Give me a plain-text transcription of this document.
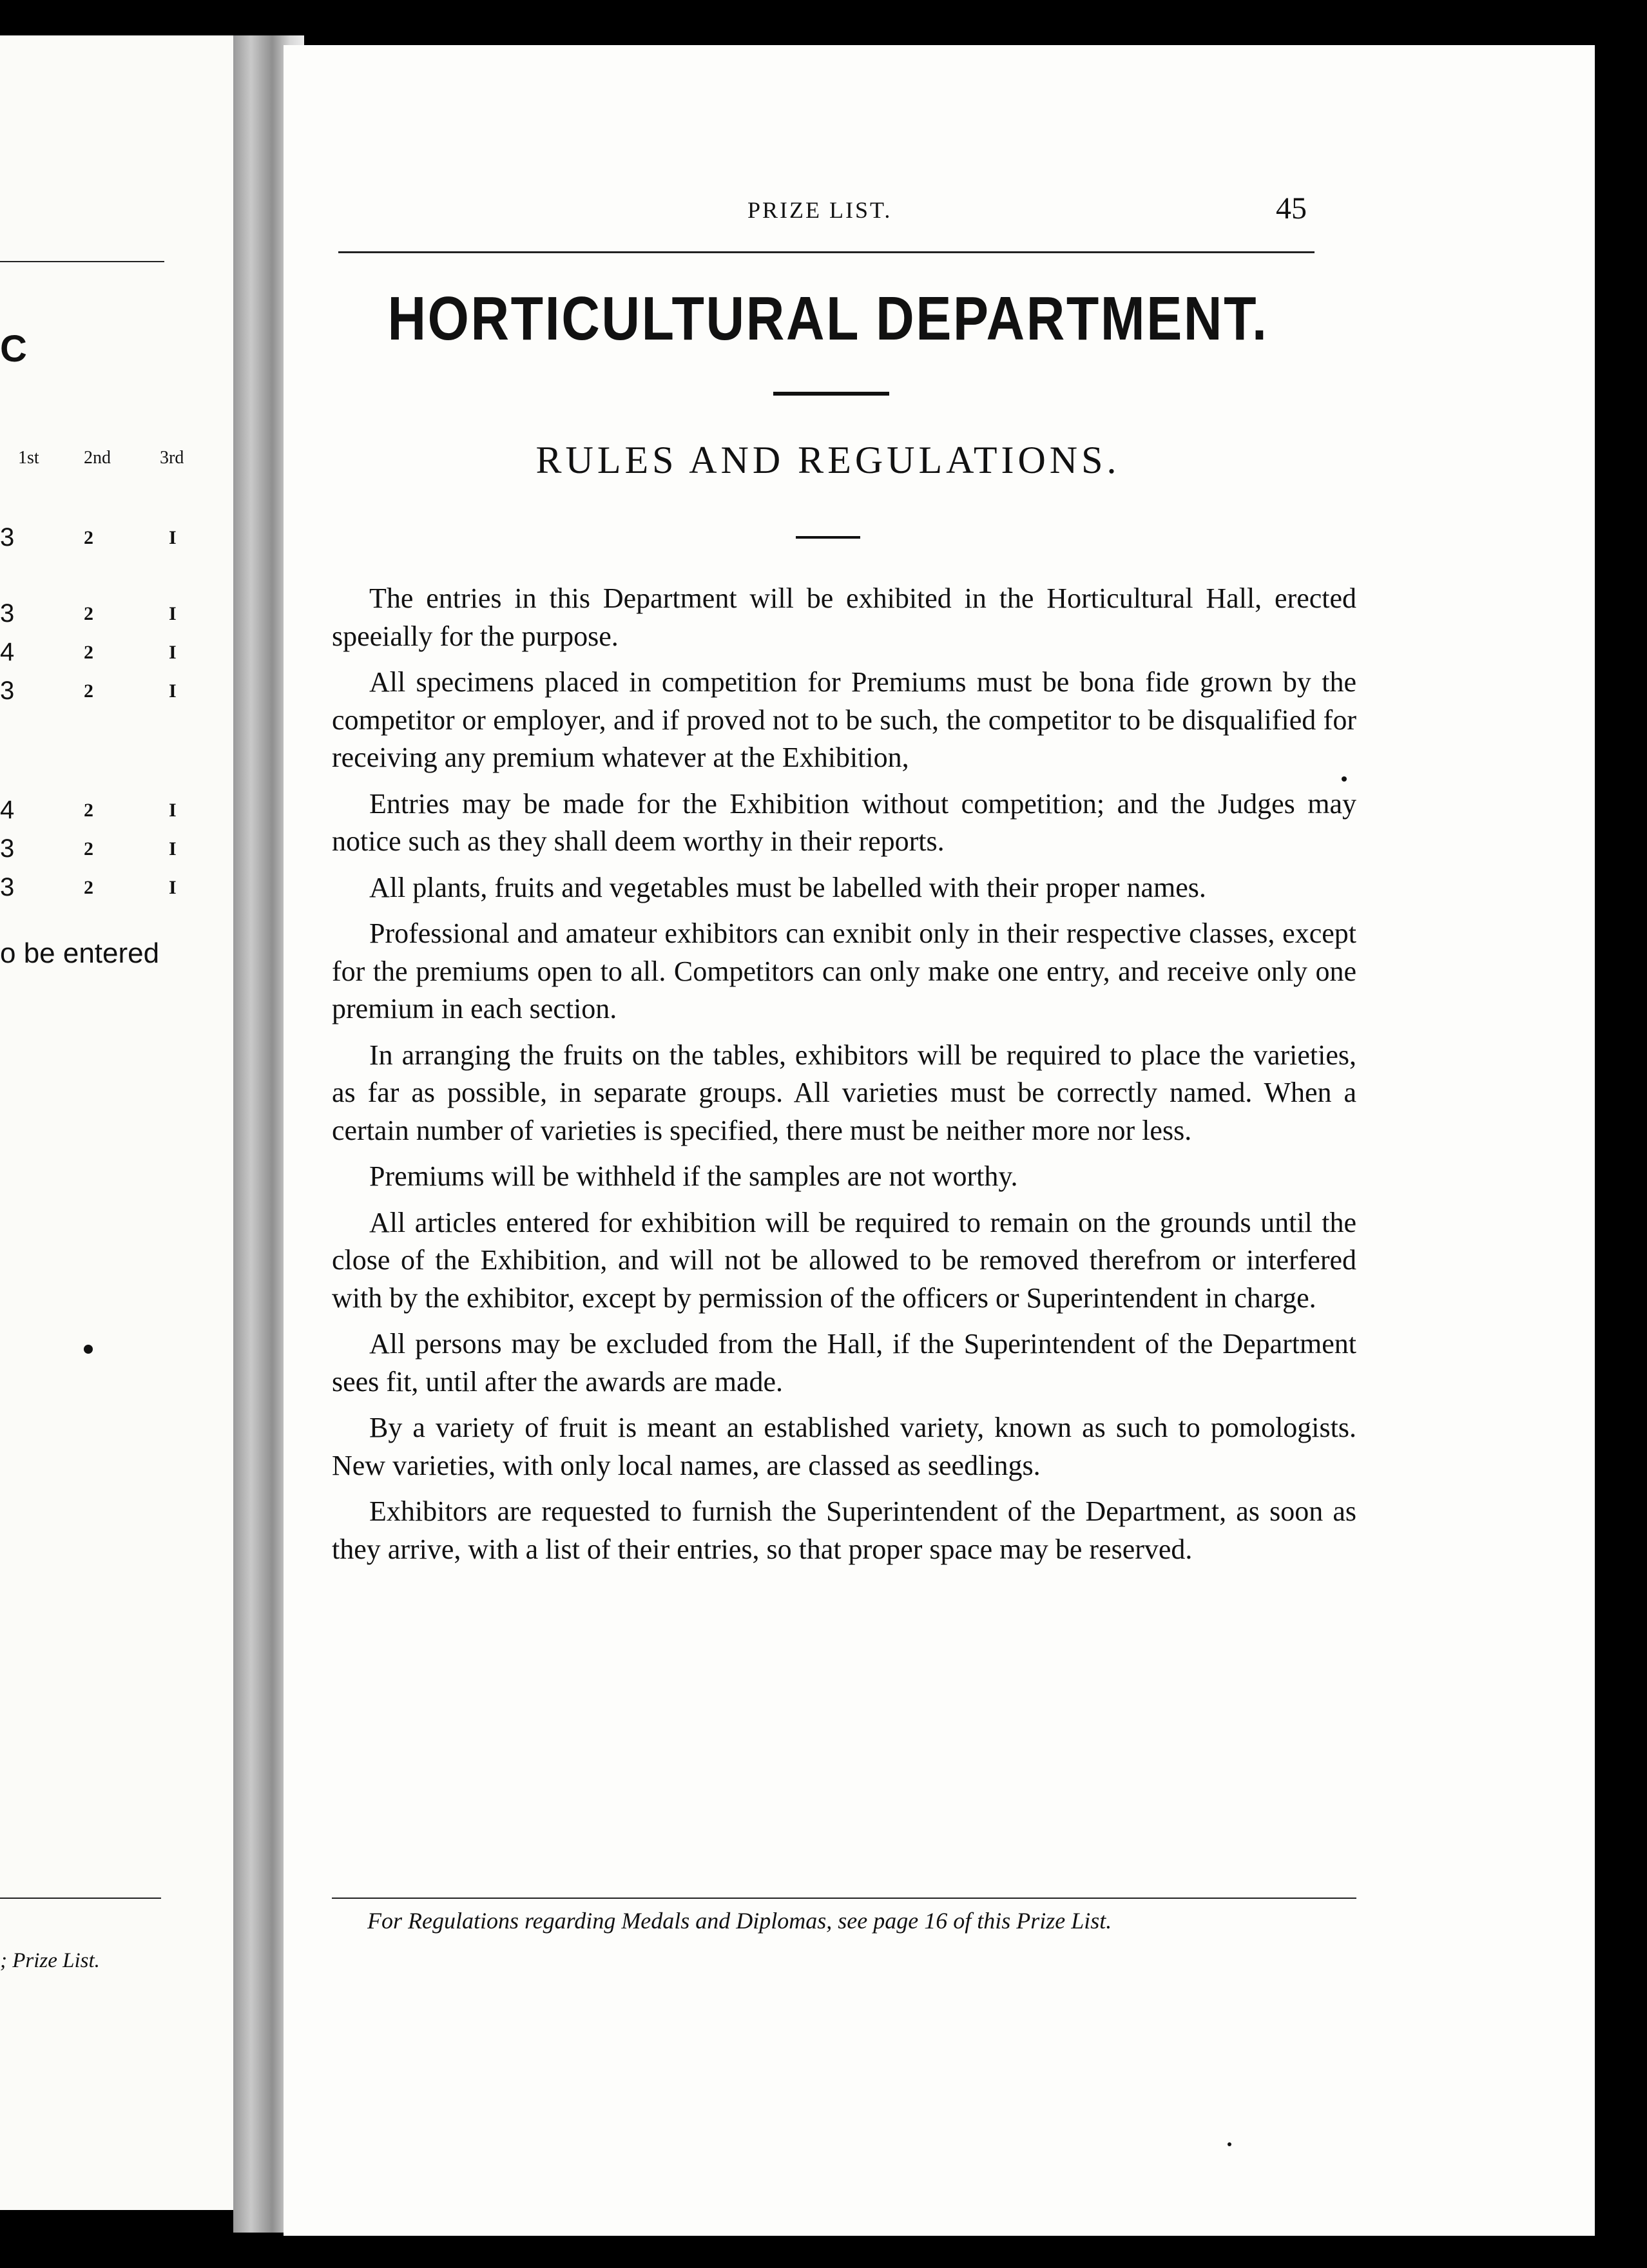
C
1st 2nd	3rd
3	2	I
3	2	I
4	2	I
3	2	I
4	2	I
3	2	I
3	2	I
o be entered
; Prize List.
PRIZE LIST.	45
HORTICULTURAL DEPARTMENT.
RULES AND REGULATIONS.

The entries in this Department will be exhibited in the Horticultural Hall, erected speeially for the purpose.

All specimens placed in competition for Premiums must be bona fide grown by the competitor or employer, and if proved not to be such, the competitor to be disqualified for receiving any premium whatever at the Exhibition,

Entries may be made for the Exhibition without competition; and the Judges may notice such as they shall deem worthy in their reports.

All plants, fruits and vegetables must be labelled with their proper names.

Professional and amateur exhibitors can exnibit only in their respective classes, except for the premiums open to all. Competitors can only make one entry, and receive only one premium in each section.

In arranging the fruits on the tables, exhibitors will be required to place the varieties, as far as possible, in separate groups. All varieties must be correctly named. When a certain number of varieties is specified, there must be neither more nor less.

Premiums will be withheld if the samples are not worthy.

All articles entered for exhibition will be required to remain on the grounds until the close of the Exhibition, and will not be allowed to be removed therefrom or interfered with by the exhibitor, except by permission of the officers or Superintendent in charge.

All persons may be excluded from the Hall, if the Superintendent of the Department sees fit, until after the awards are made.

By a variety of fruit is meant an established variety, known as such to pomologists. New varieties, with only local names, are classed as seedlings.

Exhibitors are requested to furnish the Superintendent of the Department, as soon as they arrive, with a list of their entries, so that proper space may be reserved.

For Regulations regarding Medals and Diplomas, see page 16 of this Prize List.
